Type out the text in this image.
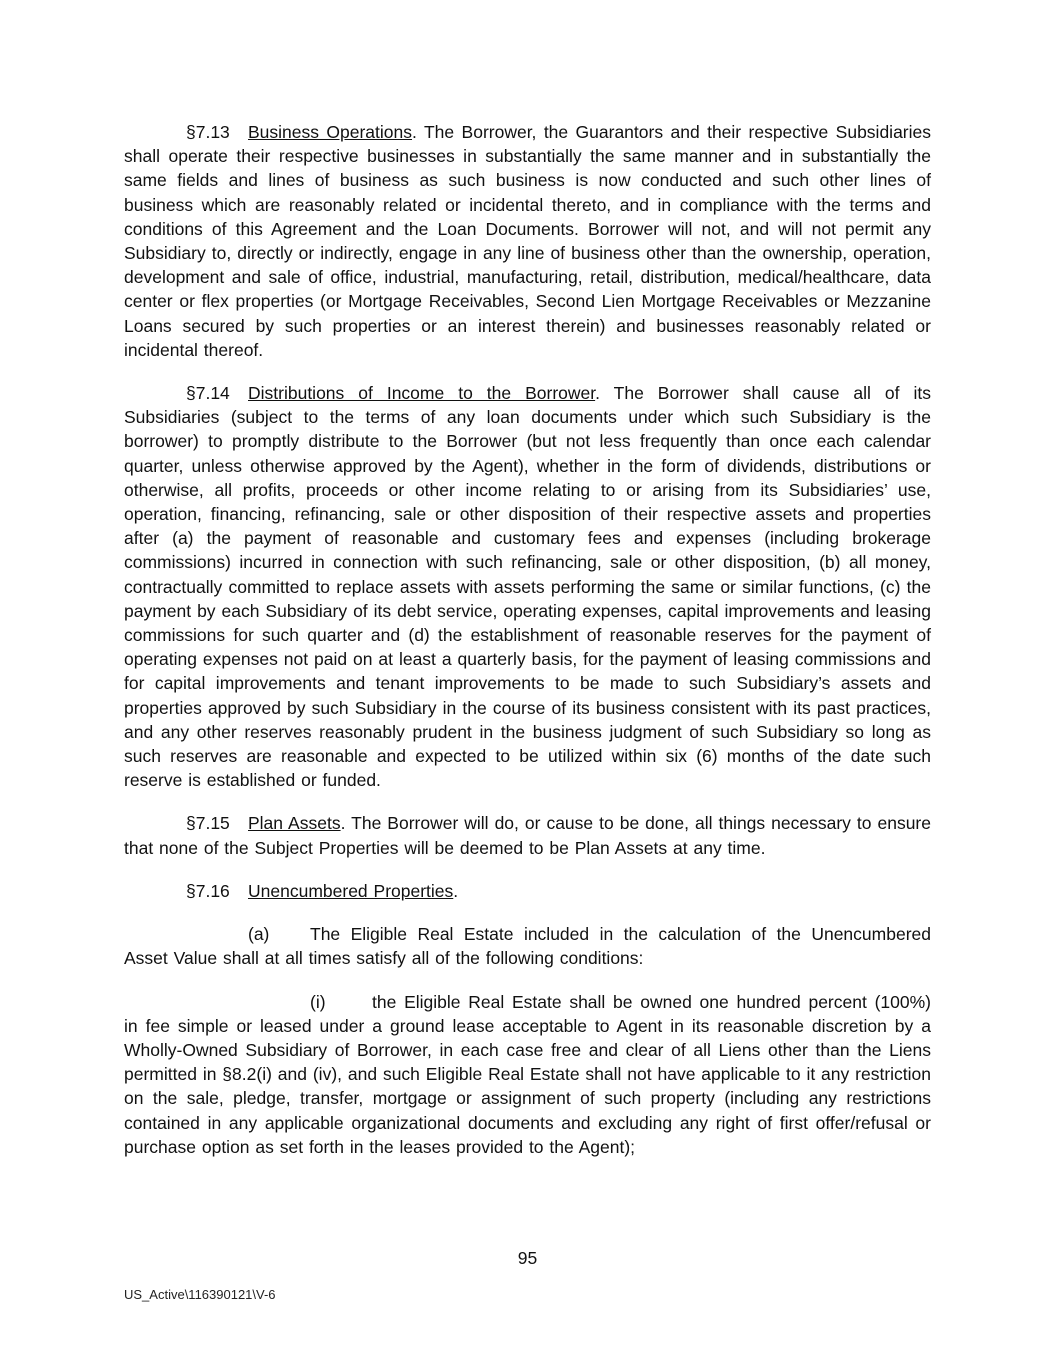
§7.13 Business Operations. The Borrower, the Guarantors and their respective Subsidiaries shall operate their respective businesses in substantially the same manner and in substantially the same fields and lines of business as such business is now conducted and such other lines of business which are reasonably related or incidental thereto, and in compliance with the terms and conditions of this Agreement and the Loan Documents. Borrower will not, and will not permit any Subsidiary to, directly or indirectly, engage in any line of business other than the ownership, operation, development and sale of office, industrial, manufacturing, retail, distribution, medical/healthcare, data center or flex properties (or Mortgage Receivables, Second Lien Mortgage Receivables or Mezzanine Loans secured by such properties or an interest therein) and businesses reasonably related or incidental thereof.

§7.14 Distributions of Income to the Borrower. The Borrower shall cause all of its Subsidiaries (subject to the terms of any loan documents under which such Subsidiary is the borrower) to promptly distribute to the Borrower (but not less frequently than once each calendar quarter, unless otherwise approved by the Agent), whether in the form of dividends, distributions or otherwise, all profits, proceeds or other income relating to or arising from its Subsidiaries’ use, operation, financing, refinancing, sale or other disposition of their respective assets and properties after (a) the payment of reasonable and customary fees and expenses (including brokerage commissions) incurred in connection with such refinancing, sale or other disposition, (b) all money, contractually committed to replace assets with assets performing the same or similar functions, (c) the payment by each Subsidiary of its debt service, operating expenses, capital improvements and leasing commissions for such quarter and (d) the establishment of reasonable reserves for the payment of operating expenses not paid on at least a quarterly basis, for the payment of leasing commissions and for capital improvements and tenant improvements to be made to such Subsidiary’s assets and properties approved by such Subsidiary in the course of its business consistent with its past practices, and any other reserves reasonably prudent in the business judgment of such Subsidiary so long as such reserves are reasonable and expected to be utilized within six (6) months of the date such reserve is established or funded.

§7.15 Plan Assets. The Borrower will do, or cause to be done, all things necessary to ensure that none of the Subject Properties will be deemed to be Plan Assets at any time.

§7.16 Unencumbered Properties.

(a) The Eligible Real Estate included in the calculation of the Unencumbered Asset Value shall at all times satisfy all of the following conditions:

(i)	the Eligible Real Estate shall be owned one hundred percent (100%) in fee simple or leased under a ground lease acceptable to Agent in its reasonable discretion by a Wholly-Owned Subsidiary of Borrower, in each case free and clear of all Liens other than the Liens permitted in §8.2(i) and (iv), and such Eligible Real Estate shall not have applicable to it any restriction on the sale, pledge, transfer, mortgage or assignment of such property (including any restrictions contained in any applicable organizational documents and excluding any right of first offer/refusal or purchase option as set forth in the leases provided to the Agent);

95
US_Active\116390121\V-6
